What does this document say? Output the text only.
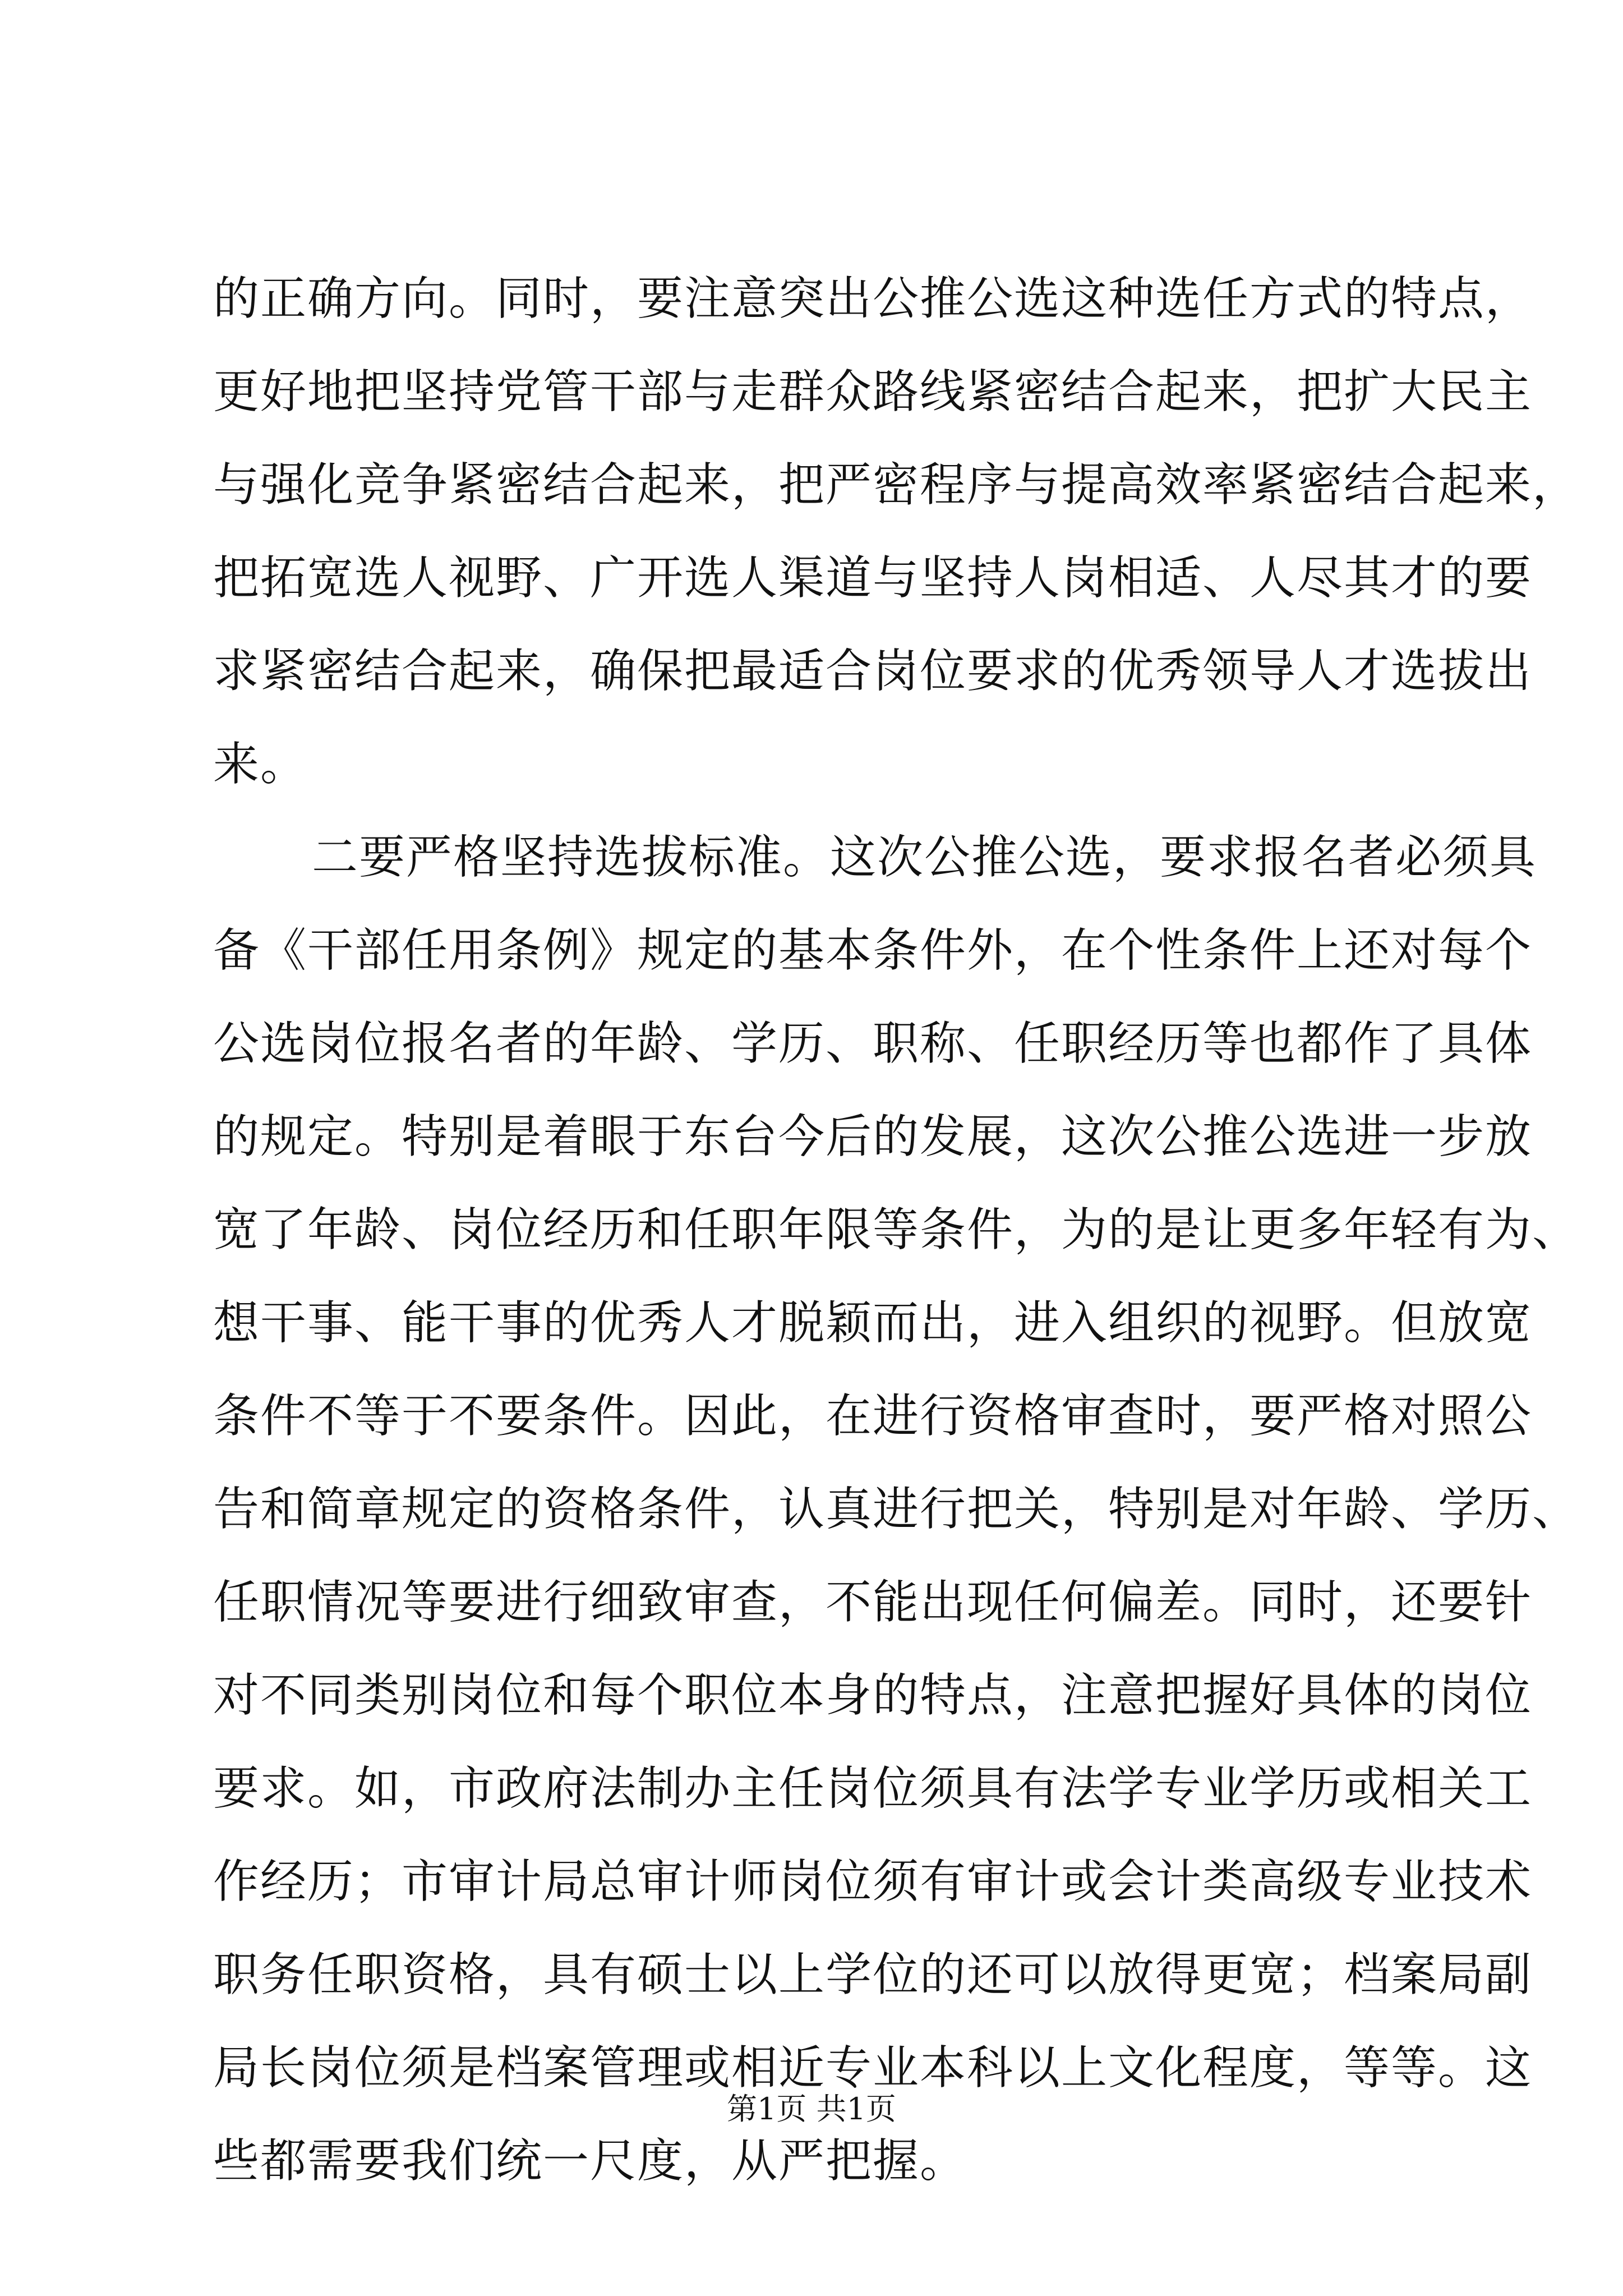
的正确方向。同时，要注意突出公推公选这种选任方式的特点，
更好地把坚持党管干部与走群众路线紧密结合起来，把扩大民主
与强化竞争紧密结合起来，把严密程序与提高效率紧密结合起来，
把拓宽选人视野、广开选人渠道与坚持人岗相适、人尽其才的要
求紧密结合起来，确保把最适合岗位要求的优秀领导人才选拔出
来。
二要严格坚持选拔标准。这次公推公选，要求报名者必须具
备《干部任用条例》规定的基本条件外，在个性条件上还对每个
公选岗位报名者的年龄、学历、职称、任职经历等也都作了具体
的规定。特别是着眼于东台今后的发展，这次公推公选进一步放
宽了年龄、岗位经历和任职年限等条件，为的是让更多年轻有为、
想干事、能干事的优秀人才脱颖而出，进入组织的视野。但放宽
条件不等于不要条件。因此，在进行资格审查时，要严格对照公
告和简章规定的资格条件，认真进行把关，特别是对年龄、学历、
任职情况等要进行细致审查，不能出现任何偏差。同时，还要针
对不同类别岗位和每个职位本身的特点，注意把握好具体的岗位
要求。如，市政府法制办主任岗位须具有法学专业学历或相关工
作经历；市审计局总审计师岗位须有审计或会计类高级专业技术
职务任职资格，具有硕士以上学位的还可以放得更宽；档案局副
局长岗位须是档案管理或相近专业本科以上文化程度，等等。这
些都需要我们统一尺度，从严把握。
第1页 共1页
